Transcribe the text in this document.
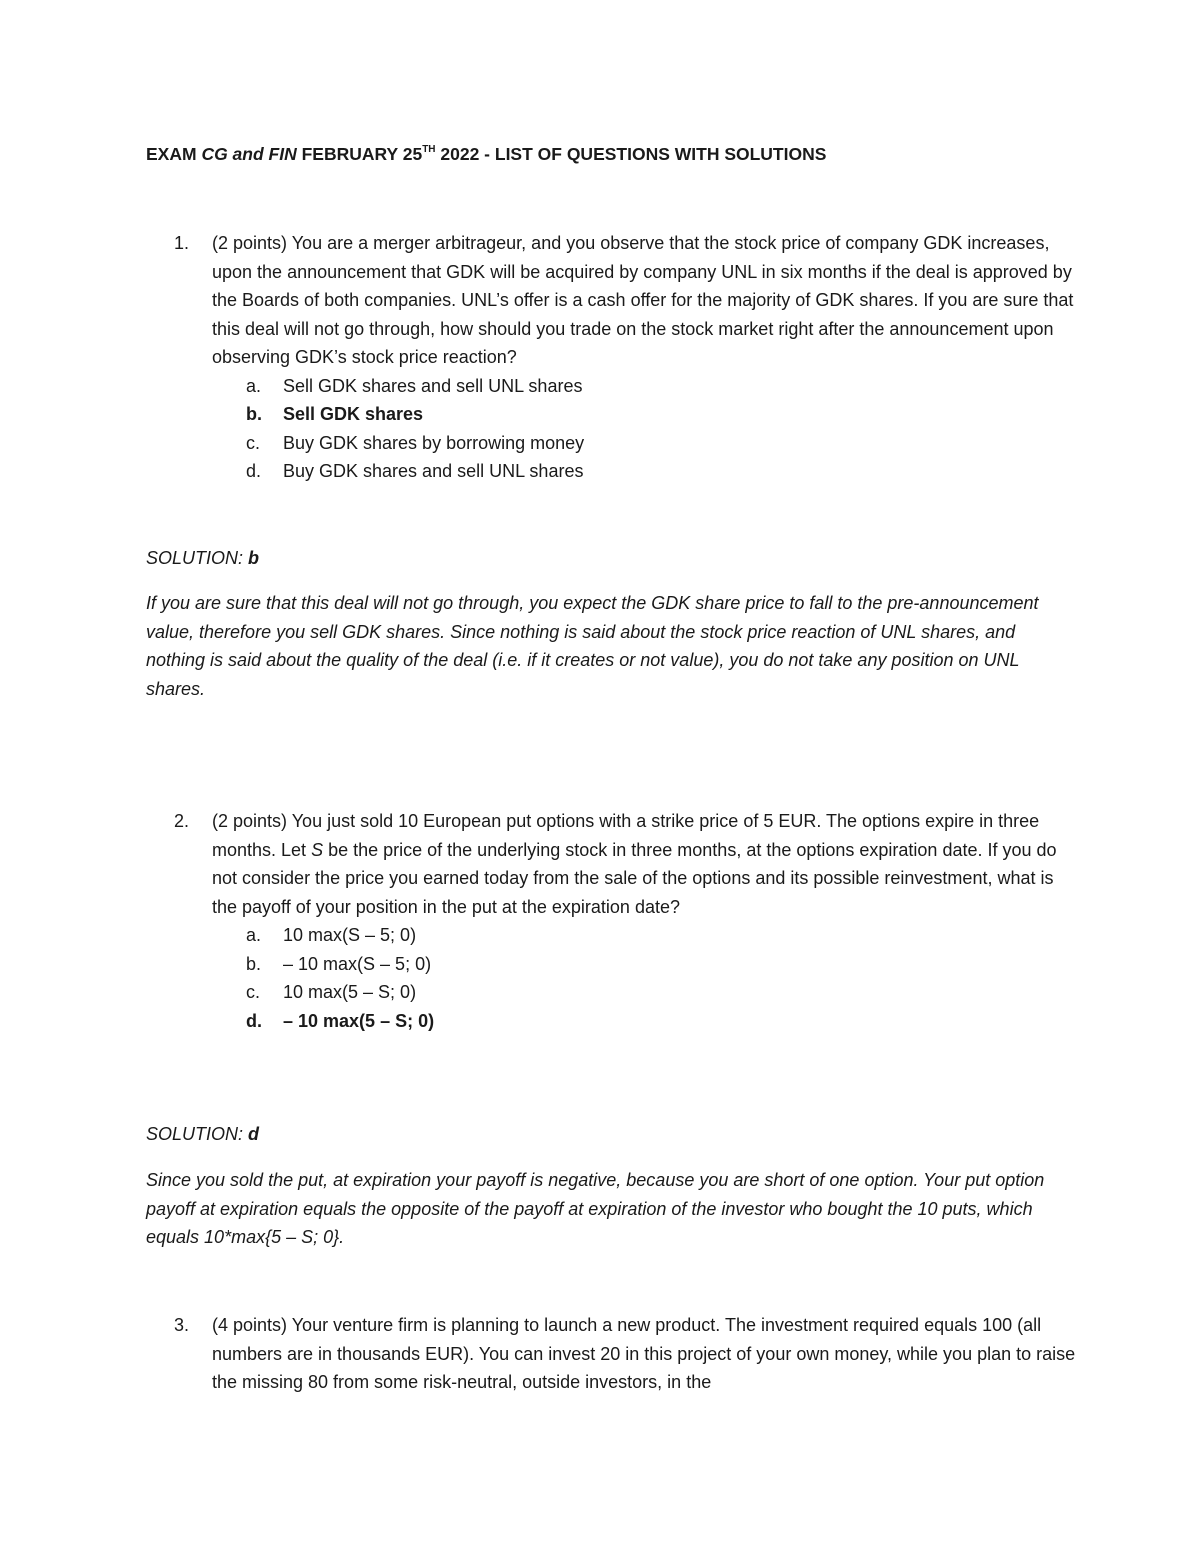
EXAM CG and FIN FEBRUARY 25TH 2022 - LIST OF QUESTIONS WITH SOLUTIONS
1. (2 points) You are a merger arbitrageur, and you observe that the stock price of company GDK increases, upon the announcement that GDK will be acquired by company UNL in six months if the deal is approved by the Boards of both companies. UNL’s offer is a cash offer for the majority of GDK shares. If you are sure that this deal will not go through, how should you trade on the stock market right after the announcement upon observing GDK’s stock price reaction?
a. Sell GDK shares and sell UNL shares
b. Sell GDK shares
c. Buy GDK shares by borrowing money
d. Buy GDK shares and sell UNL shares
SOLUTION: b
If you are sure that this deal will not go through, you expect the GDK share price to fall to the pre-announcement value, therefore you sell GDK shares. Since nothing is said about the stock price reaction of UNL shares, and nothing is said about the quality of the deal (i.e. if it creates or not value), you do not take any position on UNL shares.
2. (2 points) You just sold 10 European put options with a strike price of 5 EUR. The options expire in three months. Let S be the price of the underlying stock in three months, at the options expiration date. If you do not consider the price you earned today from the sale of the options and its possible reinvestment, what is the payoff of your position in the put at the expiration date?
a. 10 max(S – 5; 0)
b. – 10 max(S – 5; 0)
c. 10 max(5 – S; 0)
d. – 10 max(5 – S; 0)
SOLUTION: d
Since you sold the put, at expiration your payoff is negative, because you are short of one option. Your put option payoff at expiration equals the opposite of the payoff at expiration of the investor who bought the 10 puts, which equals 10*max{5 – S; 0}.
3. (4 points) Your venture firm is planning to launch a new product. The investment required equals 100 (all numbers are in thousands EUR). You can invest 20 in this project of your own money, while you plan to raise the missing 80 from some risk-neutral, outside investors, in the
